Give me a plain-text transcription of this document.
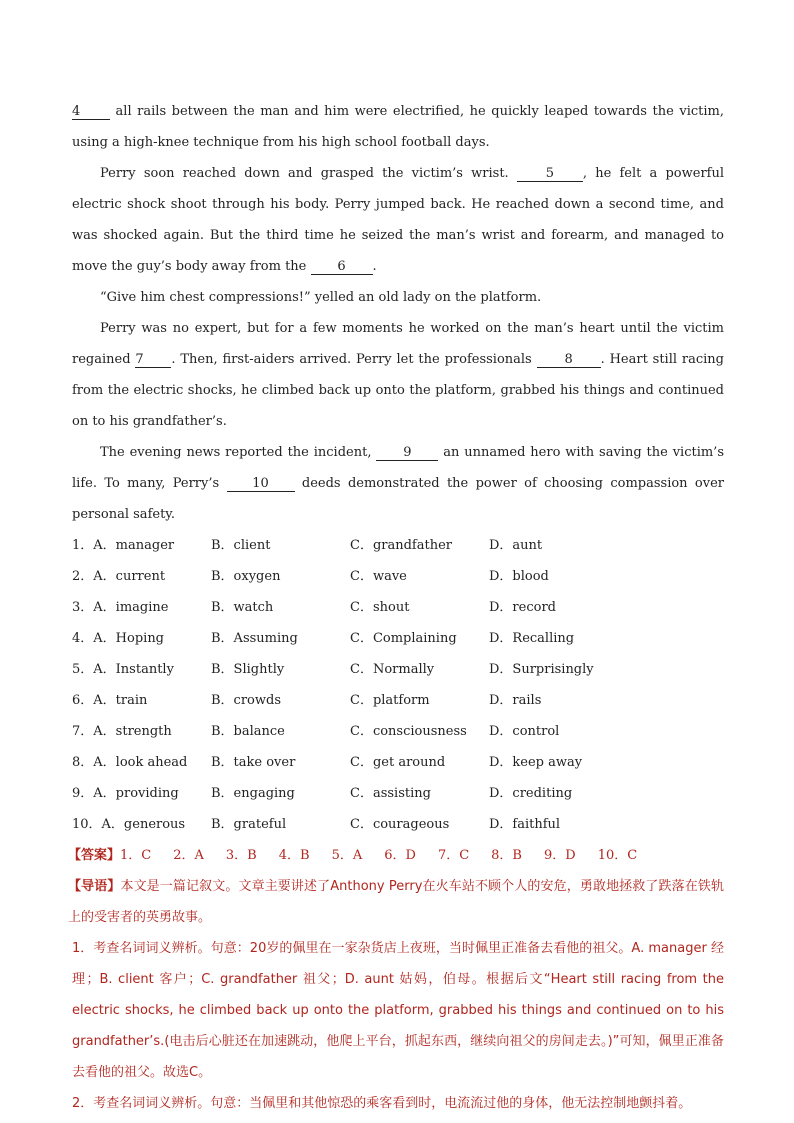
4 all rails between the man and him were electrified, he quickly leaped towards the victim, using a high-knee technique from his high school football days.

Perry soon reached down and grasped the victim’s wrist. 5 , he felt a powerful electric shock shoot through his body. Perry jumped back. He reached down a second time, and was shocked again. But the third time he seized the man’s wrist and forearm, and managed to move the guy’s body away from the 6 .

“Give him chest compressions!” yelled an old lady on the platform.

Perry was no expert, but for a few moments he worked on the man’s heart until the victim regained 7 . Then, first-aiders arrived. Perry let the professionals 8 . Heart still racing from the electric shocks, he climbed back up onto the platform, grabbed his things and continued on to his grandfather’s.

The evening news reported the incident, 9 an unnamed hero with saving the victim’s life. To many, Perry’s 10 deeds demonstrated the power of choosing compassion over personal safety.

1．A．manager	B．client	C．grandfather	D．aunt
2．A．current	B．oxygen	C．wave	D．blood
3．A．imagine	B．watch	C．shout	D．record
4．A．Hoping	B．Assuming	C．Complaining	D．Recalling
5．A．Instantly	B．Slightly	C．Normally	D．Surprisingly
6．A．train	B．crowds	C．platform	D．rails
7．A．strength	B．balance	C．consciousness	D．control
8．A．look ahead	B．take over	C．get around	D．keep away
9．A．providing	B．engaging	C．assisting	D．crediting
10．A．generous	B．grateful	C．courageous	D．faithful
【答案】1．C 2．A 3．B 4．B 5．A 6．D 7．C 8．B 9．D 10．C

【导语】本文是一篇记叙文。文章主要讲述了Anthony Perry在火车站不顾个人的安危，勇敢地拯救了跌落在铁轨上的受害者的英勇故事。

1．考查名词词义辨析。句意：20岁的佩里在一家杂货店上夜班，当时佩里正准备去看他的祖父。A. manager 经理；B. client 客户；C. grandfather 祖父；D. aunt 姑妈，伯母。根据后文“Heart still racing from the electric shocks, he climbed back up onto the platform, grabbed his things and continued on to his grandfather’s.(电击后心脏还在加速跳动，他爬上平台，抓起东西，继续向祖父的房间走去。)”可知，佩里正准备去看他的祖父。故选C。

2．考查名词词义辨析。句意：当佩里和其他惊恐的乘客看到时，电流流过他的身体，他无法控制地颤抖着。
